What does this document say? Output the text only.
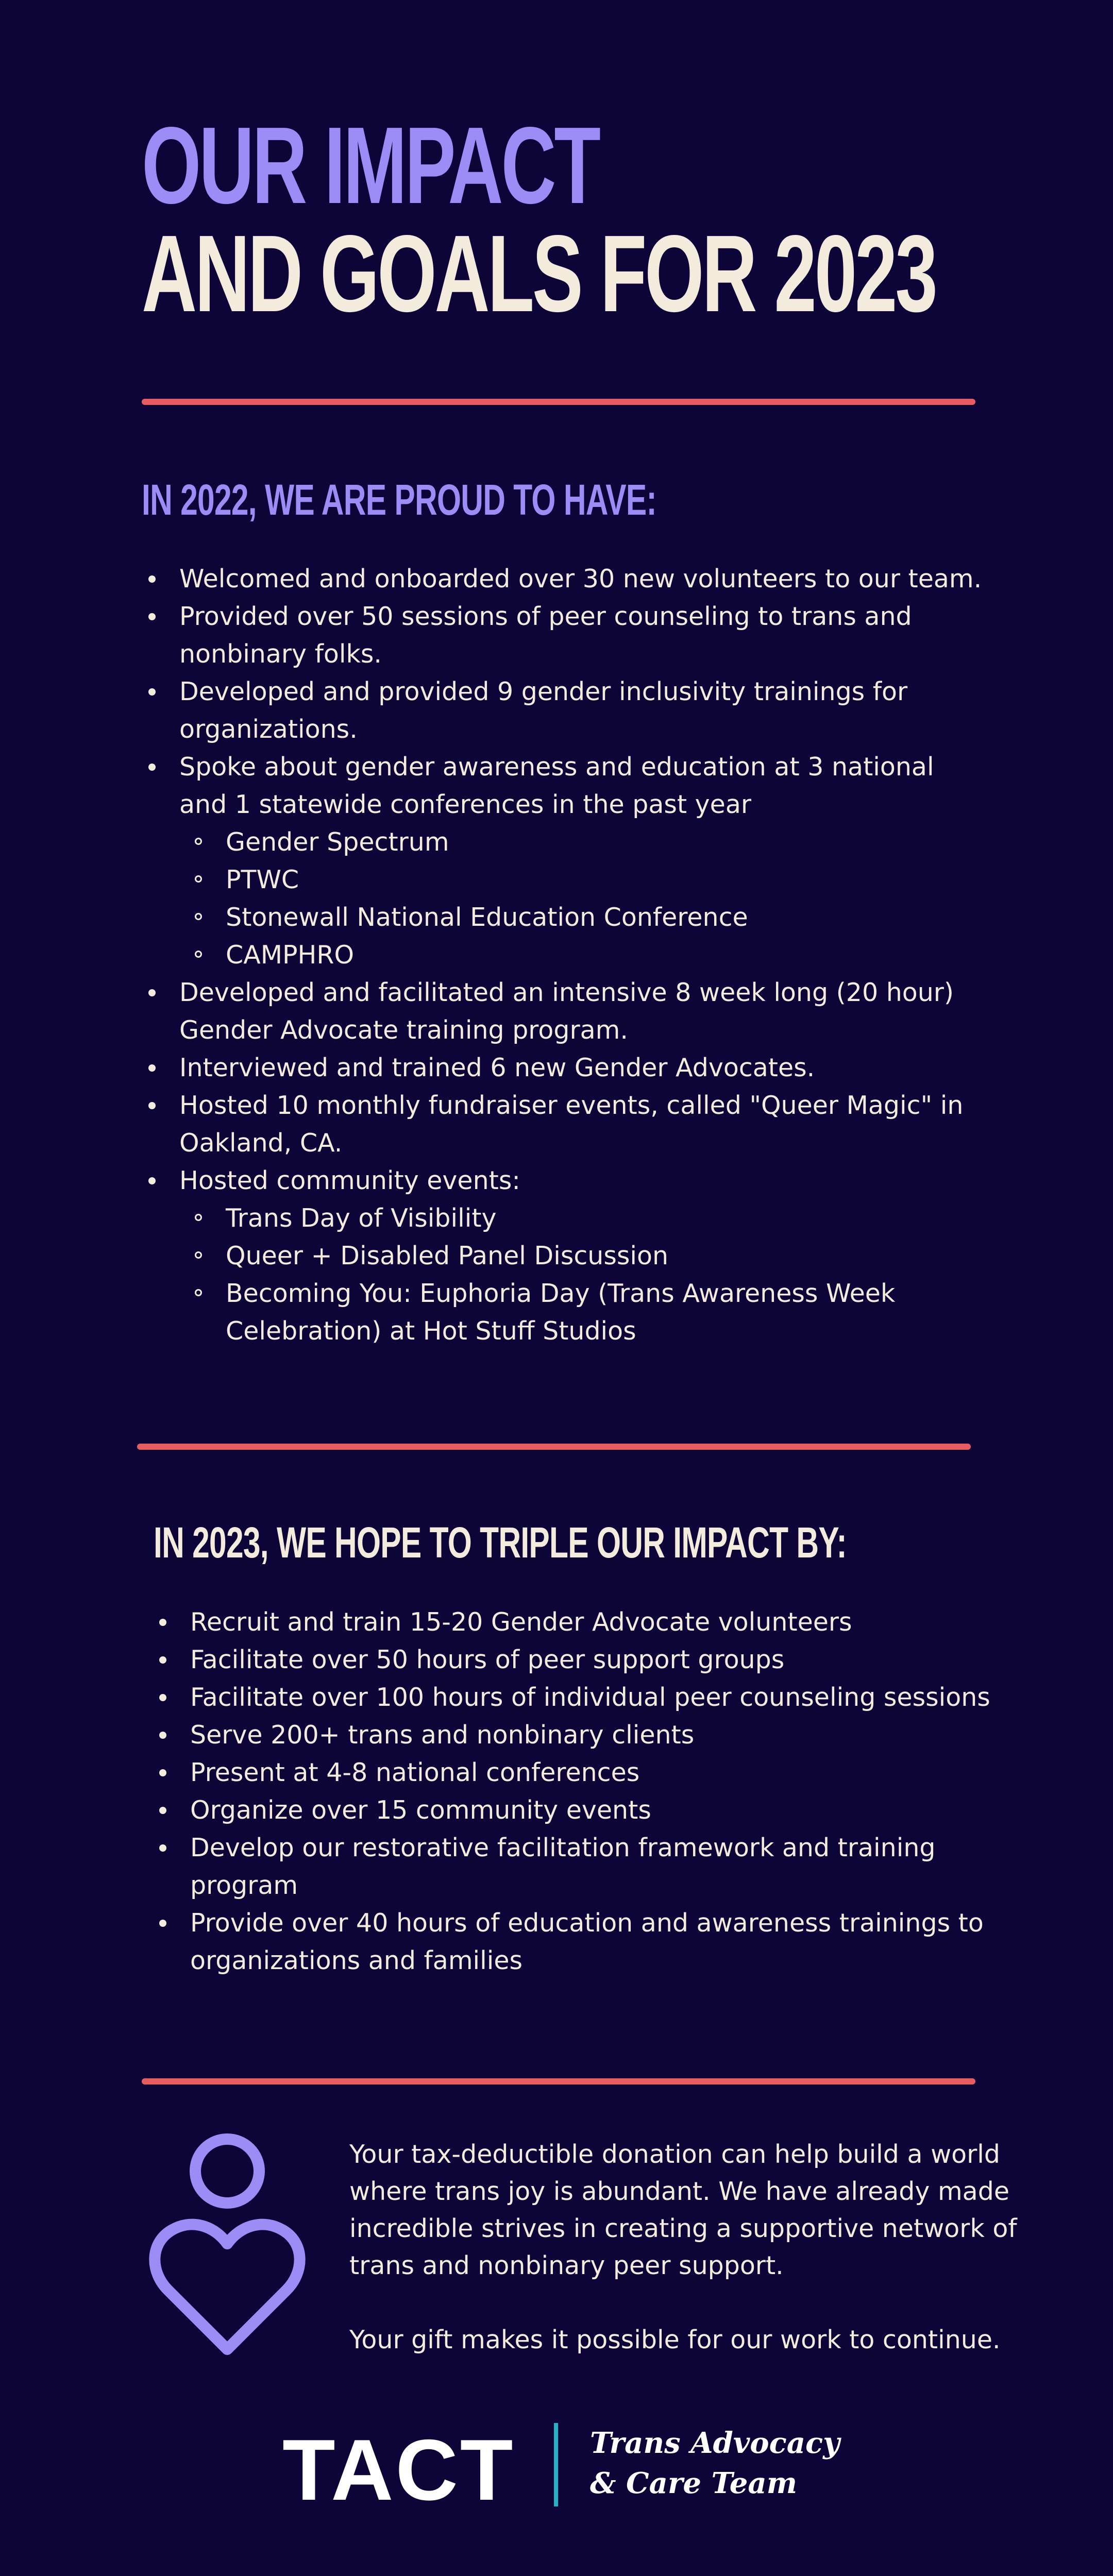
OUR IMPACT
AND GOALS FOR 2023
IN 2022, WE ARE PROUD TO HAVE:
Welcomed and onboarded over 30 new volunteers to our team.
Provided over 50 sessions of peer counseling to trans and nonbinary folks.
Developed and provided 9 gender inclusivity trainings for organizations.
Spoke about gender awareness and education at 3 national and 1 statewide conferences in the past year
Gender Spectrum
PTWC
Stonewall National Education Conference
CAMPHRO
Developed and facilitated an intensive 8 week long (20 hour) Gender Advocate training program.
Interviewed and trained 6 new Gender Advocates.
Hosted 10 monthly fundraiser events, called "Queer Magic" in Oakland, CA.
Hosted community events:
Trans Day of Visibility
Queer + Disabled Panel Discussion
Becoming You: Euphoria Day (Trans Awareness Week Celebration) at Hot Stuff Studios
IN 2023, WE HOPE TO TRIPLE OUR IMPACT BY:
Recruit and train 15-20 Gender Advocate volunteers
Facilitate over 50 hours of peer support groups
Facilitate over 100 hours of individual peer counseling sessions
Serve 200+ trans and nonbinary clients
Present at 4-8 national conferences
Organize over 15 community events
Develop our restorative facilitation framework and training program
Provide over 40 hours of education and awareness trainings to organizations and families

Your tax-deductible donation can help build a world where trans joy is abundant. We have already made incredible strives in creating a supportive network of trans and nonbinary peer support.

Your gift makes it possible for our work to continue.

TACT	Trans Advocacy
& Care Team
